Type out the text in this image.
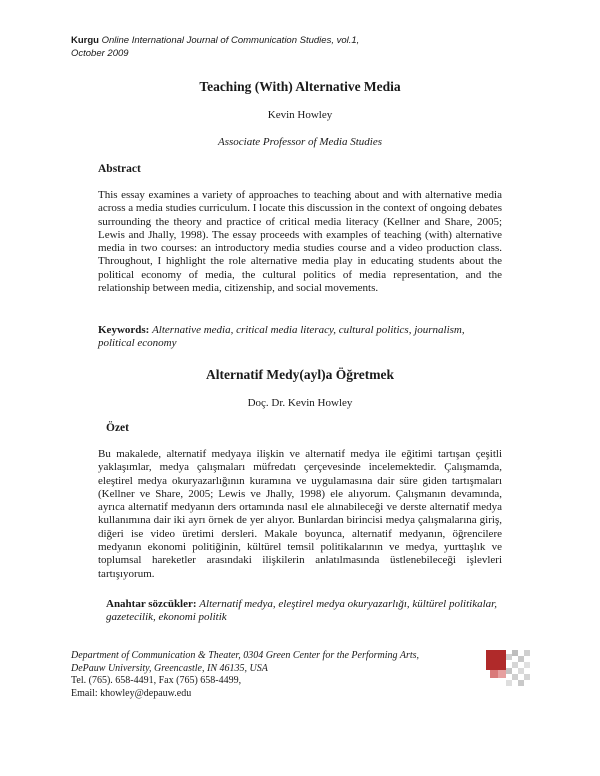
Kurgu Online International Journal of Communication Studies, vol.1,
October 2009
Teaching (With) Alternative Media
Kevin Howley
Associate Professor of Media Studies
Abstract

This essay examines a variety of approaches to teaching about and with alternative media across a media studies curriculum. I locate this discussion in the context of ongoing debates surrounding the theory and practice of critical media literacy (Kellner and Share, 2005; Lewis and Jhally, 1998). The essay proceeds with examples of teaching (with) alternative media in two courses: an introductory media studies course and a video production class. Throughout, I highlight the role alternative media play in educating students about the political economy of media, the cultural politics of media representation, and the relationship between media, citizenship, and social movements.

Keywords: Alternative media, critical media literacy, cultural politics, journalism, political economy
Alternatif Medy(ayl)a Öğretmek
Doç. Dr. Kevin Howley
Özet

Bu makalede, alternatif medyaya ilişkin ve alternatif medya ile eğitimi tartışan çeşitli yaklaşımlar, medya çalışmaları müfredatı çerçevesinde incelemektedir. Çalışmamda, eleştirel medya okuryazarlığının kuramına ve uygulamasına dair süre giden tartışmaları (Kellner ve Share, 2005; Lewis ve Jhally, 1998) ele alıyorum. Çalışmanın devamında, ayrıca alternatif medyanın ders ortamında nasıl ele alınabileceği ve derste alternatif medya kullanımına dair iki ayrı örnek de yer alıyor. Bunlardan birincisi medya çalışmalarına giriş, diğeri ise video üretimi dersleri. Makale boyunca, alternatif medyanın, öğrencilere medyanın ekonomi politiğinin, kültürel temsil politikalarının ve medya, yurttaşlık ve toplumsal hareketler arasındaki ilişkilerin anlatılmasında üstlenebileceği işlevleri tartışıyorum.

Anahtar sözcükler: Alternatif medya, eleştirel medya okuryazarlığı, kültürel politikalar, gazetecilik, ekonomi politik
Department of Communication & Theater, 0304 Green Center for the Performing Arts,
DePauw University, Greencastle, IN 46135, USA
Tel. (765). 658-4491, Fax (765) 658-4499,
Email: khowley@depauw.edu
